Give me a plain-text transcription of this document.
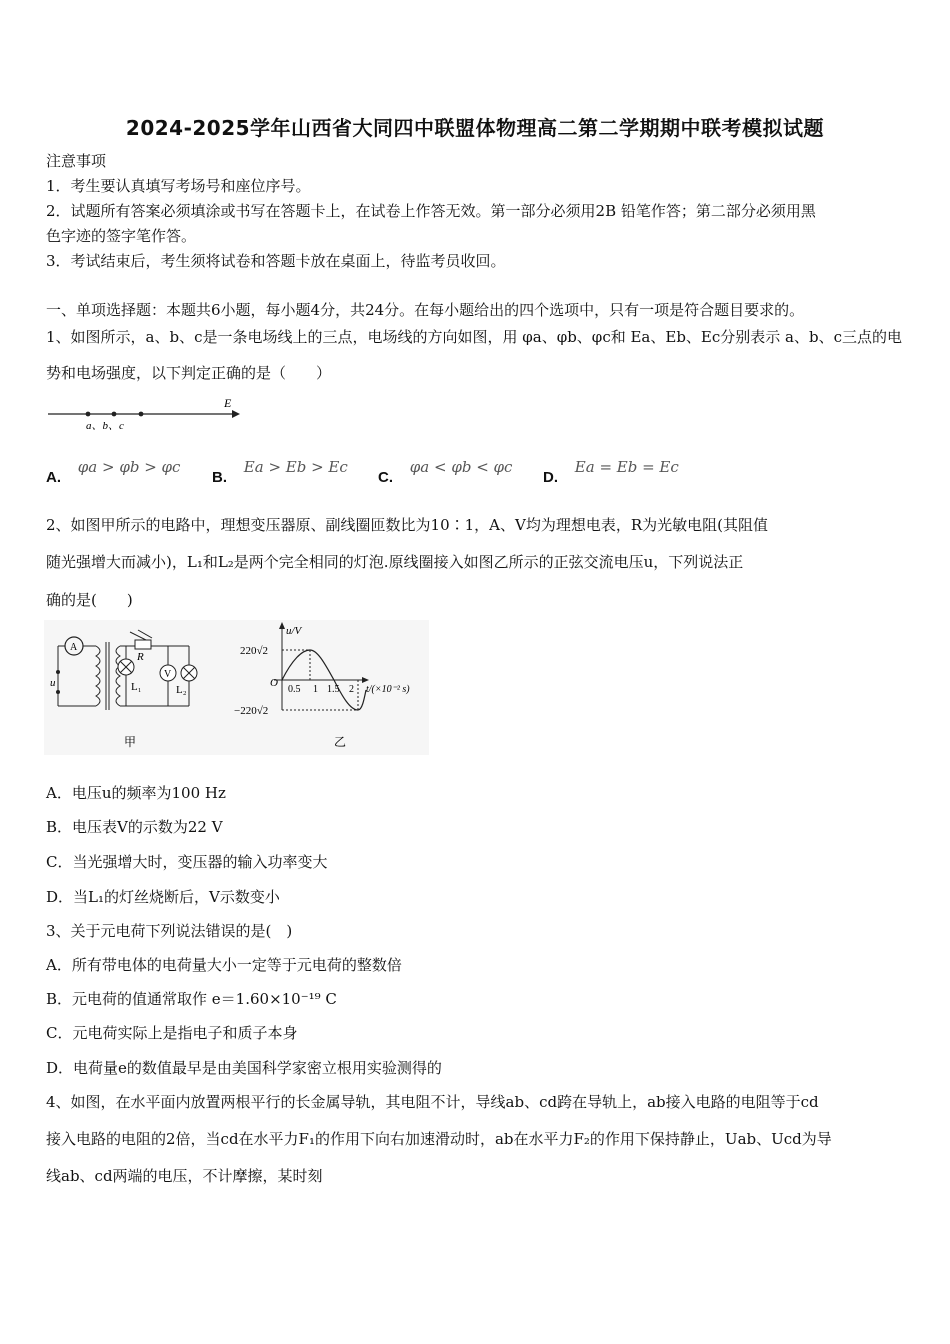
2024-2025学年山西省大同四中联盟体物理高二第二学期期中联考模拟试题
注意事项
1．考生要认真填写考场号和座位序号。
2．试题所有答案必须填涂或书写在答题卡上，在试卷上作答无效。第一部分必须用2B 铅笔作答；第二部分必须用黑
色字迹的签字笔作答。
3．考试结束后，考生须将试卷和答题卡放在桌面上，待监考员收回。
一、单项选择题：本题共6小题，每小题4分，共24分。在每小题给出的四个选项中，只有一项是符合题目要求的。
1、如图所示，a、b、c是一条电场线上的三点，电场线的方向如图，用 φa、φb、φc和 Ea、Eb、Ec分别表示 a、b、c三点的电
势和电场强度，以下判定正确的是（　　）
E
a、b、c
A. φa > φb > φc
B. Ea > Eb > Ec
C. φa < φb < φc
D. Ea = Eb = Ec
2、如图甲所示的电路中，理想变压器原、副线圈匝数比为10∶1，A、V均为理想电表，R为光敏电阻(其阻值
随光强增大而减小)，L₁和L₂是两个完全相同的灯泡.原线圈接入如图乙所示的正弦交流电压u，下列说法正
确的是(　　)
A
u
R
L₁
V
L₂
甲
u/V
O
220√2
−220√2
0.5 1 1.5 2 t/(×10⁻² s)
乙
A．电压u的频率为100 Hz
B．电压表V的示数为22 V
C．当光强增大时，变压器的输入功率变大
D．当L₁的灯丝烧断后，V示数变小
3、关于元电荷下列说法错误的是(　)
A．所有带电体的电荷量大小一定等于元电荷的整数倍
B．元电荷的值通常取作 e＝1.60×10⁻¹⁹ C
C．元电荷实际上是指电子和质子本身
D．电荷量e的数值最早是由美国科学家密立根用实验测得的
4、如图，在水平面内放置两根平行的长金属导轨，其电阻不计，导线ab、cd跨在导轨上，ab接入电路的电阻等于cd
接入电路的电阻的2倍，当cd在水平力F₁的作用下向右加速滑动时，ab在水平力F₂的作用下保持静止，Uab、Ucd为导
线ab、cd两端的电压，不计摩擦，某时刻
